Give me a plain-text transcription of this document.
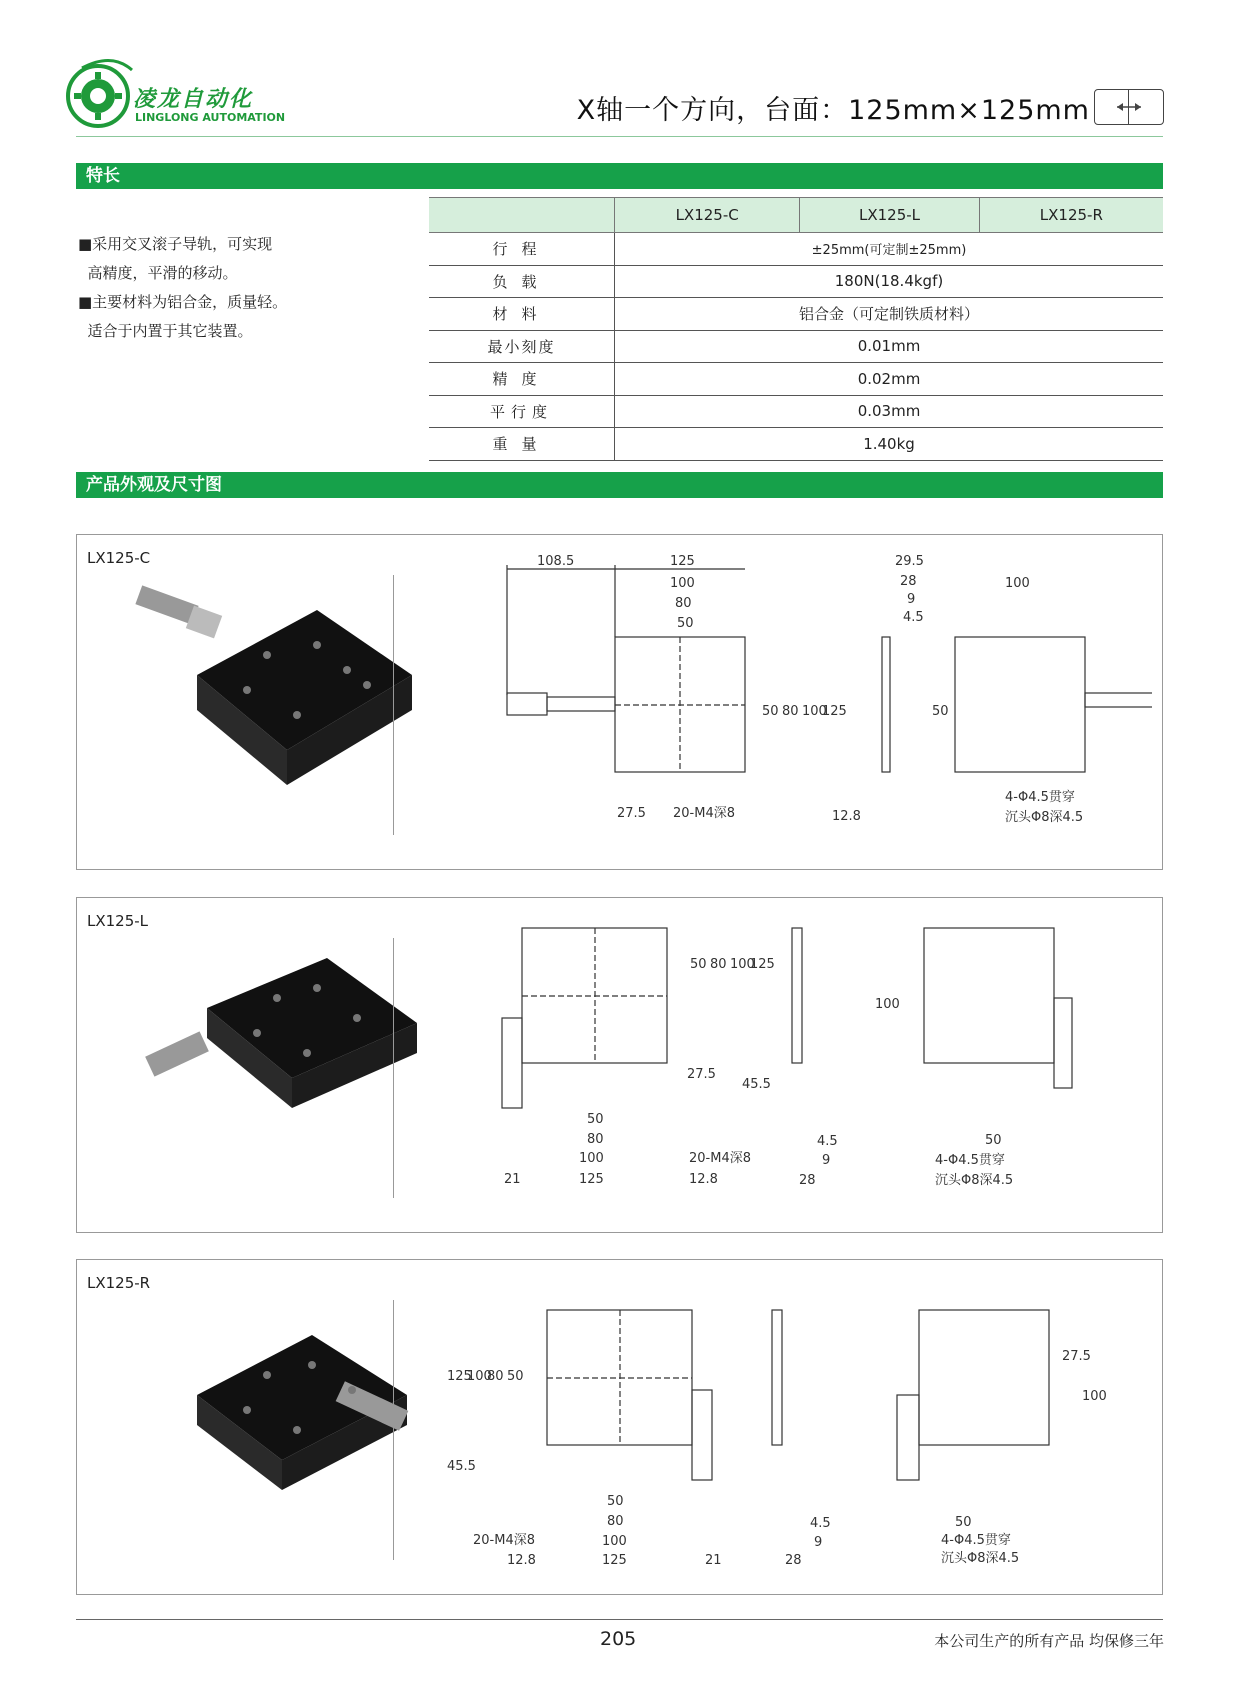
凌龙自动化
LINGLONG AUTOMATION	X轴一个方向，台面：125mm×125mm
特长
■采用交叉滚子导轨，可实现
高精度，平滑的移动。
■主要材料为铝合金，质量轻。
适合于内置于其它装置。
	LX125-C	LX125-L	LX125-R
行程	±25mm(可定制±25mm)		
负载	180N(18.4kgf)		
材料	铝合金（可定制铁质材料）		
最小刻度	0.01mm		
精度	0.02mm		
平行度	0.03mm		
重量	1.40kg		
产品外观及尺寸图
LX125-C	108.5	125
100
80
50
29.5
28
9
4.5
100
50 80 100
125	50
27.5 20-M4深8	12.8
4-Φ4.5贯穿
沉头Φ8深4.5
LX125-L
50
80
100
125
100
27.5
45.5
50 80 100
125
21	12.8
20-M4深8
4.5
9
28
50
4-Φ4.5贯穿
沉头Φ8深4.5
LX125-R
125
100
80 50
45.5
50
80
100
125	21
12.8
20-M4深8
4.5
9
28
27.5
100
50
4-Φ4.5贯穿
沉头Φ8深4.5
205	本公司生产的所有产品 均保修三年
